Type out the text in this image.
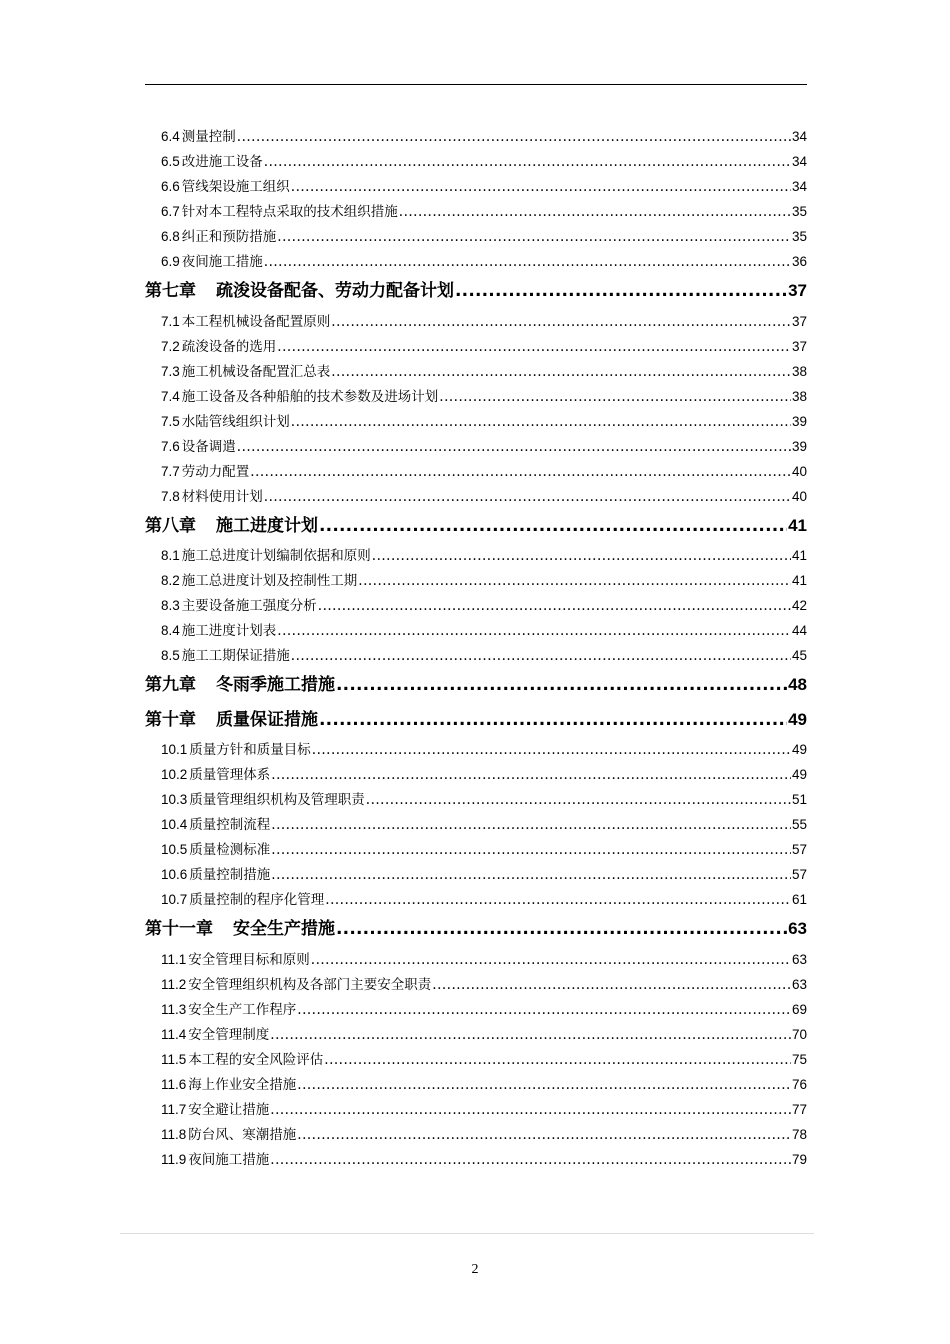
6.4 测量控制 .....	34
6.5 改进施工设备 .....	34
6.6 管线架设施工组织 .....	34
6.7 针对本工程特点采取的技术组织措施 .....	35
6.8 纠正和预防措施 .....	35
6.9 夜间施工措施 .....	36
第七章 疏浚设备配备、劳动力配备计划 .....	37
7.1 本工程机械设备配置原则 .....	37
7.2 疏浚设备的选用 .....	37
7.3 施工机械设备配置汇总表 .....	38
7.4 施工设备及各种船舶的技术参数及进场计划 .....	38
7.5 水陆管线组织计划 .....	39
7.6 设备调遣 .....	39
7.7 劳动力配置 .....	40
7.8 材料使用计划 .....	40
第八章 施工进度计划 .....	41
8.1 施工总进度计划编制依据和原则 .....	41
8.2 施工总进度计划及控制性工期 .....	41
8.3 主要设备施工强度分析 .....	42
8.4 施工进度计划表 .....	44
8.5 施工工期保证措施 .....	45
第九章 冬雨季施工措施 .....	48
第十章 质量保证措施 .....	49
10.1 质量方针和质量目标 .....	49
10.2 质量管理体系 .....	49
10.3 质量管理组织机构及管理职责 .....	51
10.4 质量控制流程 .....	55
10.5 质量检测标准 .....	57
10.6 质量控制措施 .....	57
10.7 质量控制的程序化管理 .....	61
第十一章 安全生产措施 .....	63
11.1 安全管理目标和原则 .....	63
11.2 安全管理组织机构及各部门主要安全职责 .....	63
11.3 安全生产工作程序 .....	69
11.4 安全管理制度 .....	70
11.5 本工程的安全风险评估 .....	75
11.6 海上作业安全措施 .....	76
11.7 安全避让措施 .....	77
11.8 防台风、寒潮措施 .....	78
11.9 夜间施工措施 .....	79
2
